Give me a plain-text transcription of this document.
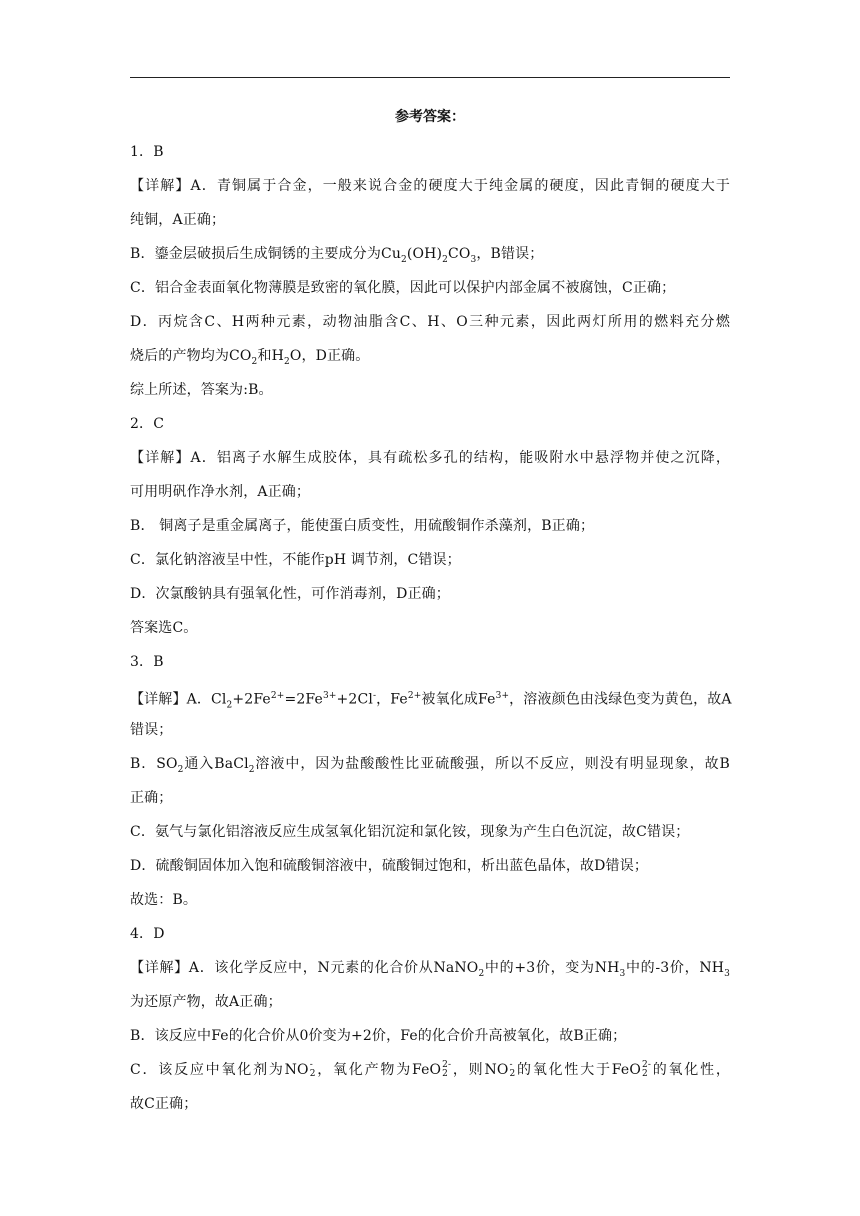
参考答案：
1．B
【详解】A．青铜属于合金，一般来说合金的硬度大于纯金属的硬度，因此青铜的硬度大于
纯铜，A正确；
B．鎏金层破损后生成铜锈的主要成分为$Cu_2(OH)_2CO_3$，B错误；
C．铝合金表面氧化物薄膜是致密的氧化膜，因此可以保护内部金属不被腐蚀，C正确；
D．丙烷含C、H两种元素，动物油脂含C、H、O三种元素，因此两灯所用的燃料充分燃
烧后的产物均为$CO_2$和$H_2O$，D正确。
综上所述，答案为:B。
2．C
【详解】A．铝离子水解生成胶体，具有疏松多孔的结构，能吸附水中悬浮物并使之沉降，
可用明矾作净水剂，A正确；
B． 铜离子是重金属离子，能使蛋白质变性，用硫酸铜作杀藻剂，B正确；
C．氯化钠溶液呈中性，不能作pH 调节剂，C错误；
D．次氯酸钠具有强氧化性，可作消毒剂，D正确；
答案选C。
3．B
【详解】A．$Cl_2+2Fe^{2+}=2Fe^{3+}+2Cl^-$，$Fe^{2+}$被氧化成$Fe^{3+}$，溶液颜色由浅绿色变为黄色，故A
错误；
B．$SO_2$通入BaCl$_2$溶液中，因为盐酸酸性比亚硫酸强，所以不反应，则没有明显现象，故B
正确；
C．氨气与氯化铝溶液反应生成氢氧化铝沉淀和氯化铵，现象为产生白色沉淀，故C错误；
D．硫酸铜固体加入饱和硫酸铜溶液中，硫酸铜过饱和，析出蓝色晶体，故D错误；
故选：B。
4．D
【详解】A．该化学反应中，N元素的化合价从NaNO$_2$中的+3价，变为$NH_3$中的-3价，$NH_3$
为还原产物，故A正确；
B．该反应中Fe的化合价从0价变为+2价，Fe的化合价升高被氧化，故B正确；
C．该反应中氧化剂为NO -
2 ，氧化产物为FeO 2-
2 ，则NO -
2 的氧化性大于FeO 2-
2 的氧化性，
故C正确；
